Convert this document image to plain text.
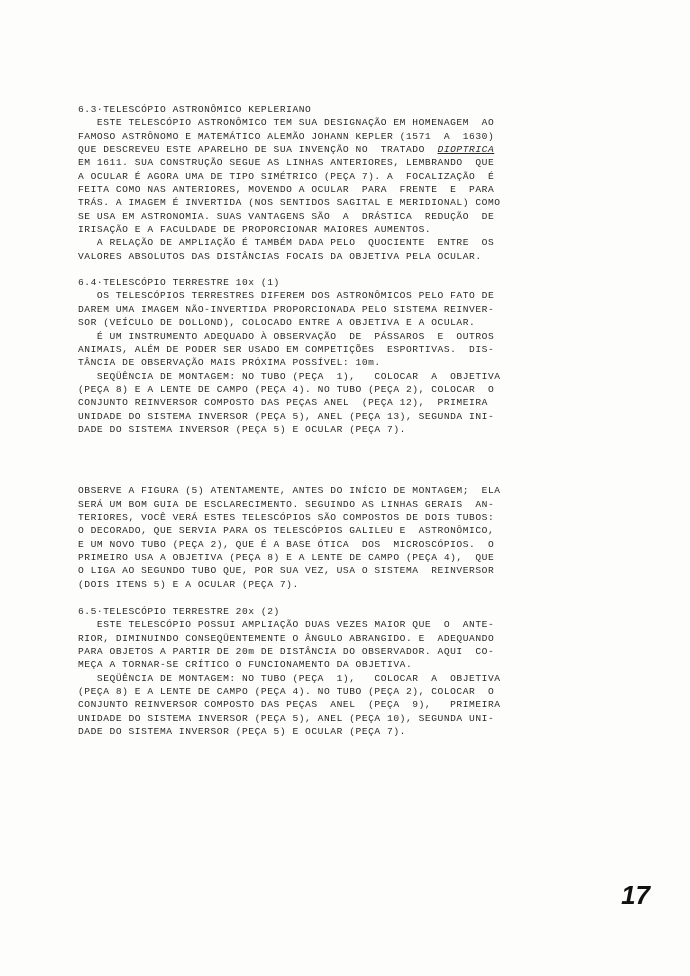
6.3·TELESCÓPIO ASTRONÔMICO KEPLERIANO
ESTE TELESCÓPIO ASTRONÔMICO TEM SUA DESIGNAÇÃO EM HOMENAGEM  AO
FAMOSO ASTRÔNOMO E MATEMÁTICO ALEMÃO JOHANN KEPLER (1571  A  1630)
QUE DESCREVEU ESTE APARELHO DE SUA INVENÇÃO NO  TRATADO  DIOPTRICA
EM 1611. SUA CONSTRUÇÃO SEGUE AS LINHAS ANTERIORES, LEMBRANDO  QUE
A OCULAR É AGORA UMA DE TIPO SIMÉTRICO (PEÇA 7). A  FOCALIZAÇÃO  É
FEITA COMO NAS ANTERIORES, MOVENDO A OCULAR  PARA  FRENTE  E  PARA
TRÁS. A IMAGEM É INVERTIDA (NOS SENTIDOS SAGITAL E MERIDIONAL) COMO
SE USA EM ASTRONOMIA. SUAS VANTAGENS SÃO  A  DRÁSTICA  REDUÇÃO  DE
IRISAÇÃO E A FACULDADE DE PROPORCIONAR MAIORES AUMENTOS.
A RELAÇÃO DE AMPLIAÇÃO É TAMBÉM DADA PELO  QUOCIENTE  ENTRE  OS
VALORES ABSOLUTOS DAS DISTÂNCIAS FOCAIS DA OBJETIVA PELA OCULAR.
6.4·TELESCÓPIO TERRESTRE 10x (1)
OS TELESCÓPIOS TERRESTRES DIFEREM DOS ASTRONÔMICOS PELO FATO DE
DAREM UMA IMAGEM NÃO-INVERTIDA PROPORCIONADA PELO SISTEMA REINVER-
SOR (VEÍCULO DE DOLLOND), COLOCADO ENTRE A OBJETIVA E A OCULAR.
É UM INSTRUMENTO ADEQUADO À OBSERVAÇÃO  DE  PÁSSAROS  E  OUTROS
ANIMAIS, ALÉM DE PODER SER USADO EM COMPETIÇÕES  ESPORTIVAS.  DIS-
TÂNCIA DE OBSERVAÇÃO MAIS PRÓXIMA POSSÍVEL: 10m.
SEQÜÊNCIA DE MONTAGEM: NO TUBO (PEÇA  1),   COLOCAR  A  OBJETIVA
(PEÇA 8) E A LENTE DE CAMPO (PEÇA 4). NO TUBO (PEÇA 2), COLOCAR  O
CONJUNTO REINVERSOR COMPOSTO DAS PEÇAS ANEL  (PEÇA 12),  PRIMEIRA
UNIDADE DO SISTEMA INVERSOR (PEÇA 5), ANEL (PEÇA 13), SEGUNDA INI-
DADE DO SISTEMA INVERSOR (PEÇA 5) E OCULAR (PEÇA 7).
OBSERVE A FIGURA (5) ATENTAMENTE, ANTES DO INÍCIO DE MONTAGEM;  ELA
SERÁ UM BOM GUIA DE ESCLARECIMENTO. SEGUINDO AS LINHAS GERAIS  AN-
TERIORES, VOCÊ VERÁ ESTES TELESCÓPIOS SÃO COMPOSTOS DE DOIS TUBOS:
O DECORADO, QUE SERVIA PARA OS TELESCÓPIOS GALILEU E  ASTRONÔMICO,
E UM NOVO TUBO (PEÇA 2), QUE É A BASE ÓTICA  DOS  MICROSCÓPIOS.  O
PRIMEIRO USA A OBJETIVA (PEÇA 8) E A LENTE DE CAMPO (PEÇA 4),  QUE
O LIGA AO SEGUNDO TUBO QUE, POR SUA VEZ, USA O SISTEMA  REINVERSOR
(DOIS ITENS 5) E A OCULAR (PEÇA 7).
6.5·TELESCÓPIO TERRESTRE 20x (2)
ESTE TELESCÓPIO POSSUI AMPLIAÇÃO DUAS VEZES MAIOR QUE  O  ANTE-
RIOR, DIMINUINDO CONSEQÜENTEMENTE O ÂNGULO ABRANGIDO. E  ADEQUANDO
PARA OBJETOS A PARTIR DE 20m DE DISTÂNCIA DO OBSERVADOR. AQUI  CO-
MEÇA A TORNAR-SE CRÍTICO O FUNCIONAMENTO DA OBJETIVA.
SEQÜÊNCIA DE MONTAGEM: NO TUBO (PEÇA  1),   COLOCAR  A  OBJETIVA
(PEÇA 8) E A LENTE DE CAMPO (PEÇA 4). NO TUBO (PEÇA 2), COLOCAR  O
CONJUNTO REINVERSOR COMPOSTO DAS PEÇAS  ANEL  (PEÇA  9),   PRIMEIRA
UNIDADE DO SISTEMA INVERSOR (PEÇA 5), ANEL (PEÇA 10), SEGUNDA UNI-
DADE DO SISTEMA INVERSOR (PEÇA 5) E OCULAR (PEÇA 7).
17
